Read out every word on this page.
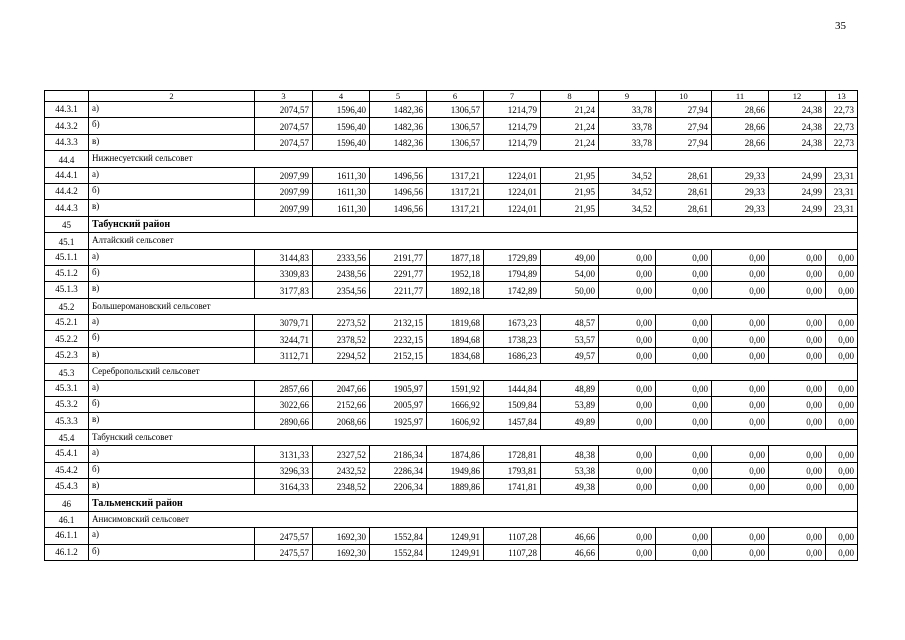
35
	2	3	4	5	6	7	8	9	10	11	12	13
44.3.1	а)	2074,57	1596,40	1482,36	1306,57	1214,79	21,24	33,78	27,94	28,66	24,38	22,73
44.3.2	б)	2074,57	1596,40	1482,36	1306,57	1214,79	21,24	33,78	27,94	28,66	24,38	22,73
44.3.3	в)	2074,57	1596,40	1482,36	1306,57	1214,79	21,24	33,78	27,94	28,66	24,38	22,73
44.4	Нижнесуетский сельсовет											
44.4.1	а)	2097,99	1611,30	1496,56	1317,21	1224,01	21,95	34,52	28,61	29,33	24,99	23,31
44.4.2	б)	2097,99	1611,30	1496,56	1317,21	1224,01	21,95	34,52	28,61	29,33	24,99	23,31
44.4.3	в)	2097,99	1611,30	1496,56	1317,21	1224,01	21,95	34,52	28,61	29,33	24,99	23,31
45	Табунский район											
45.1	Алтайский сельсовет											
45.1.1	а)	3144,83	2333,56	2191,77	1877,18	1729,89	49,00	0,00	0,00	0,00	0,00	0,00
45.1.2	б)	3309,83	2438,56	2291,77	1952,18	1794,89	54,00	0,00	0,00	0,00	0,00	0,00
45.1.3	в)	3177,83	2354,56	2211,77	1892,18	1742,89	50,00	0,00	0,00	0,00	0,00	0,00
45.2	Большеромановский сельсовет											
45.2.1	а)	3079,71	2273,52	2132,15	1819,68	1673,23	48,57	0,00	0,00	0,00	0,00	0,00
45.2.2	б)	3244,71	2378,52	2232,15	1894,68	1738,23	53,57	0,00	0,00	0,00	0,00	0,00
45.2.3	в)	3112,71	2294,52	2152,15	1834,68	1686,23	49,57	0,00	0,00	0,00	0,00	0,00
45.3	Серебропольский сельсовет											
45.3.1	а)	2857,66	2047,66	1905,97	1591,92	1444,84	48,89	0,00	0,00	0,00	0,00	0,00
45.3.2	б)	3022,66	2152,66	2005,97	1666,92	1509,84	53,89	0,00	0,00	0,00	0,00	0,00
45.3.3	в)	2890,66	2068,66	1925,97	1606,92	1457,84	49,89	0,00	0,00	0,00	0,00	0,00
45.4	Табунский сельсовет											
45.4.1	а)	3131,33	2327,52	2186,34	1874,86	1728,81	48,38	0,00	0,00	0,00	0,00	0,00
45.4.2	б)	3296,33	2432,52	2286,34	1949,86	1793,81	53,38	0,00	0,00	0,00	0,00	0,00
45.4.3	в)	3164,33	2348,52	2206,34	1889,86	1741,81	49,38	0,00	0,00	0,00	0,00	0,00
46	Тальменский район											
46.1	Анисимовский сельсовет											
46.1.1	а)	2475,57	1692,30	1552,84	1249,91	1107,28	46,66	0,00	0,00	0,00	0,00	0,00
46.1.2	б)	2475,57	1692,30	1552,84	1249,91	1107,28	46,66	0,00	0,00	0,00	0,00	0,00
